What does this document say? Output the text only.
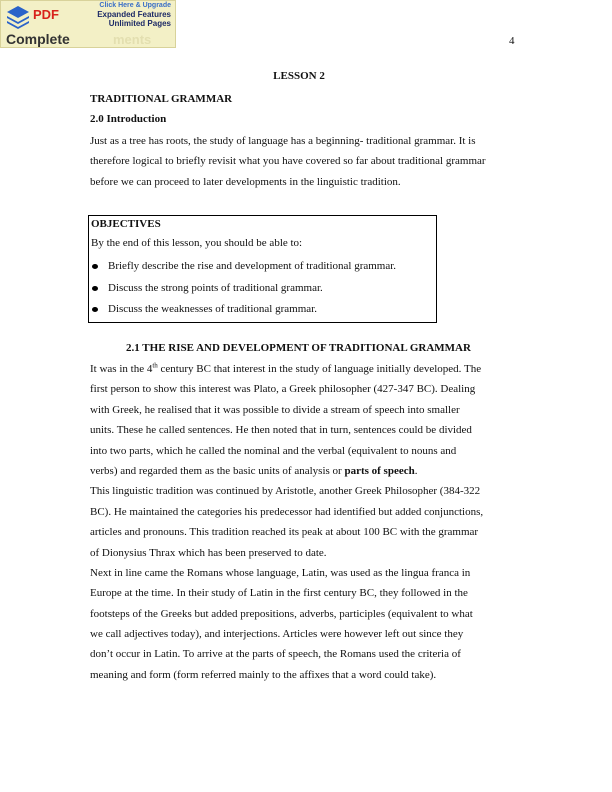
ments
Click Here & Upgrade
Expanded Features
Unlimited Pages
PDF
Complete	4
LESSON 2
TRADITIONAL GRAMMAR
2.0 Introduction
Just as a tree has roots, the study of language has a beginning- traditional grammar. It is
therefore logical to briefly revisit what you have covered so far about traditional grammar
before we can proceed to later developments in the linguistic tradition.
OBJECTIVES
By the end of this lesson, you should be able to:
Briefly describe the rise and development of traditional grammar.
Discuss the strong points of traditional grammar.
Discuss the weaknesses of traditional grammar.
2.1 THE RISE AND DEVELOPMENT OF TRADITIONAL GRAMMAR
It was in the 4th century BC that interest in the study of language initially developed. The
first person to show this interest was Plato, a Greek philosopher (427-347 BC). Dealing
with Greek, he realised that it was possible to divide a stream of speech into smaller
units. These he called sentences. He then noted that in turn, sentences could be divided
into two parts, which he called the nominal and the verbal (equivalent to nouns and
verbs) and regarded them as the basic units of analysis or parts of speech.
This linguistic tradition was continued by Aristotle, another Greek Philosopher (384-322
BC). He maintained the categories his predecessor had identified but added conjunctions,
articles and pronouns. This tradition reached its peak at about 100 BC with the grammar
of Dionysius Thrax which has been preserved to date.
Next in line came the Romans whose language, Latin, was used as the lingua franca in
Europe at the time. In their study of Latin in the first century BC, they followed in the
footsteps of the Greeks but added prepositions, adverbs, participles (equivalent to what
we call adjectives today), and interjections. Articles were however left out since they
don’t occur in Latin. To arrive at the parts of speech, the Romans used the criteria of
meaning and form (form referred mainly to the affixes that a word could take).
